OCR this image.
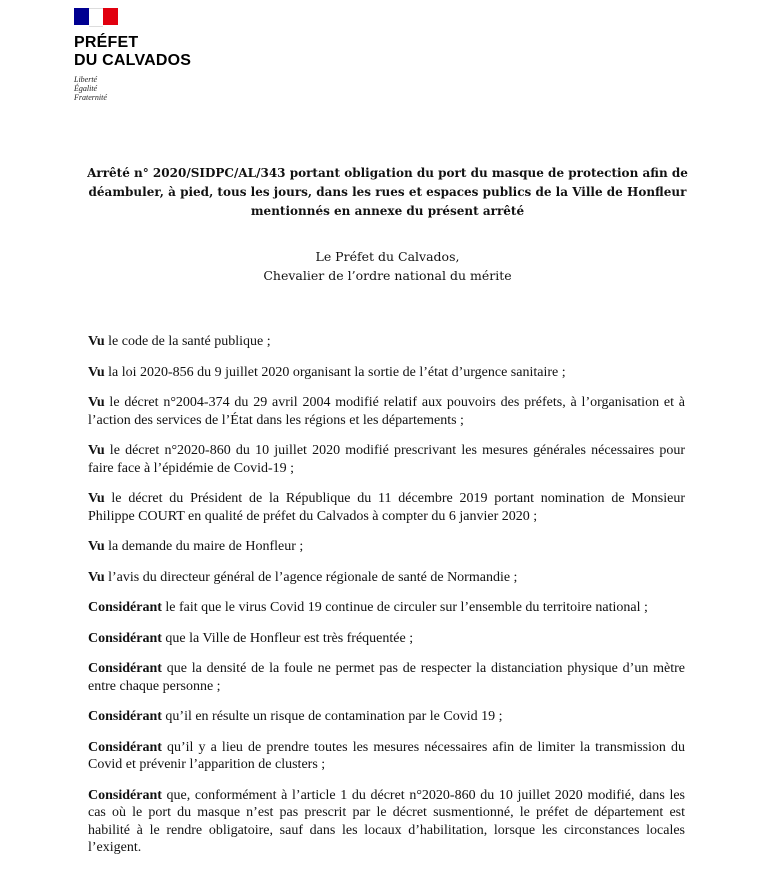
PRÉFET
DU CALVADOS
Liberté
Égalité
Fraternité
Arrêté n° 2020/SIDPC/AL/343 portant obligation du port du masque de protection afin de
déambuler, à pied, tous les jours, dans les rues et espaces publics de la Ville de Honfleur
mentionnés en annexe du présent arrêté
Le Préfet du Calvados,
Chevalier de l’ordre national du mérite

Vu le code de la santé publique ;

Vu la loi 2020-856 du 9 juillet 2020 organisant la sortie de l’état d’urgence sanitaire ;

Vu le décret n°2004-374 du 29 avril 2004 modifié relatif aux pouvoirs des préfets, à l’organisation et à l’action des services de l’État dans les régions et les départements ;

Vu le décret n°2020-860 du 10 juillet 2020 modifié prescrivant les mesures générales nécessaires pour faire face à l’épidémie de Covid-19 ;

Vu le décret du Président de la République du 11 décembre 2019 portant nomination de Monsieur Philippe COURT en qualité de préfet du Calvados à compter du 6 janvier 2020 ;

Vu la demande du maire de Honfleur ;

Vu l’avis du directeur général de l’agence régionale de santé de Normandie ;

Considérant le fait que le virus Covid 19 continue de circuler sur l’ensemble du territoire national ;

Considérant que la Ville de Honfleur est très fréquentée ;

Considérant que la densité de la foule ne permet pas de respecter la distanciation physique d’un mètre entre chaque personne ;

Considérant qu’il en résulte un risque de contamination par le Covid 19 ;

Considérant qu’il y a lieu de prendre toutes les mesures nécessaires afin de limiter la transmission du Covid et prévenir l’apparition de clusters ;

Considérant que, conformément à l’article 1 du décret n°2020-860 du 10 juillet 2020 modifié, dans les cas où le port du masque n’est pas prescrit par le décret susmentionné, le préfet de département est habilité à le rendre obligatoire, sauf dans les locaux d’habilitation, lorsque les circonstances locales l’exigent.
